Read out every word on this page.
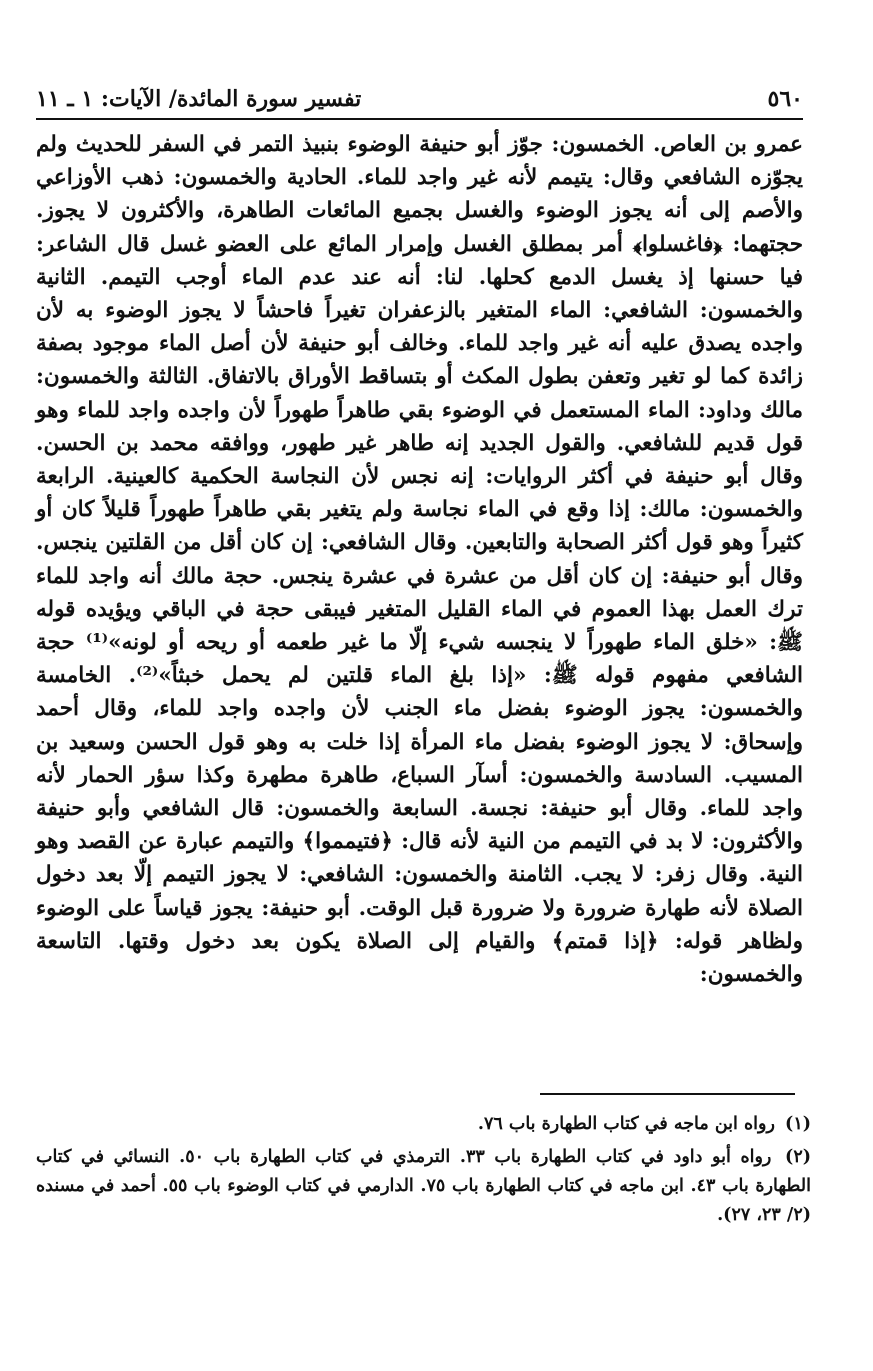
٥٦٠
تفسير سورة المائدة/ الآيات: ١ ـ ١١

عمرو بن العاص. الخمسون: جوّز أبو حنيفة الوضوء بنبيذ التمر في السفر للحديث ولم يجوّزه الشافعي وقال: يتيمم لأنه غير واجد للماء. الحادية والخمسون: ذهب الأوزاعي والأصم إلى أنه يجوز الوضوء والغسل بجميع المائعات الطاهرة، والأكثرون لا يجوز. حجتهما: ﴿فاغسلوا﴾ أمر بمطلق الغسل وإمرار المائع على العضو غسل قال الشاعر: فيا حسنها إذ يغسل الدمع كحلها. لنا: أنه عند عدم الماء أوجب التيمم. الثانية والخمسون: الشافعي: الماء المتغير بالزعفران تغيراً فاحشاً لا يجوز الوضوء به لأن واجده يصدق عليه أنه غير واجد للماء. وخالف أبو حنيفة لأن أصل الماء موجود بصفة زائدة كما لو تغير وتعفن بطول المكث أو بتساقط الأوراق بالاتفاق. الثالثة والخمسون: مالك وداود: الماء المستعمل في الوضوء بقي طاهراً طهوراً لأن واجده واجد للماء وهو قول قديم للشافعي. والقول الجديد إنه طاهر غير طهور، ووافقه محمد بن الحسن. وقال أبو حنيفة في أكثر الروايات: إنه نجس لأن النجاسة الحكمية كالعينية. الرابعة والخمسون: مالك: إذا وقع في الماء نجاسة ولم يتغير بقي طاهراً طهوراً قليلاً كان أو كثيراً وهو قول أكثر الصحابة والتابعين. وقال الشافعي: إن كان أقل من القلتين ينجس. وقال أبو حنيفة: إن كان أقل من عشرة في عشرة ينجس. حجة مالك أنه واجد للماء ترك العمل بهذا العموم في الماء القليل المتغير فيبقى حجة في الباقي ويؤيده قوله ﷺ: «خلق الماء طهوراً لا ينجسه شيء إلّا ما غير طعمه أو ريحه أو لونه»⁽¹⁾ حجة الشافعي مفهوم قوله ﷺ: «إذا بلغ الماء قلتين لم يحمل خبثاً»⁽²⁾. الخامسة والخمسون: يجوز الوضوء بفضل ماء الجنب لأن واجده واجد للماء، وقال أحمد وإسحاق: لا يجوز الوضوء بفضل ماء المرأة إذا خلت به وهو قول الحسن وسعيد بن المسيب. السادسة والخمسون: أسآر السباع، طاهرة مطهرة وكذا سؤر الحمار لأنه واجد للماء. وقال أبو حنيفة: نجسة. السابعة والخمسون: قال الشافعي وأبو حنيفة والأكثرون: لا بد في التيمم من النية لأنه قال: ﴿فتيمموا﴾ والتيمم عبارة عن القصد وهو النية. وقال زفر: لا يجب. الثامنة والخمسون: الشافعي: لا يجوز التيمم إلّا بعد دخول الصلاة لأنه طهارة ضرورة ولا ضرورة قبل الوقت. أبو حنيفة: يجوز قياساً على الوضوء ولظاهر قوله: ﴿إذا قمتم﴾ والقيام إلى الصلاة يكون بعد دخول وقتها. التاسعة والخمسون:

(١) رواه ابن ماجه في كتاب الطهارة باب ٧٦.

(٢) رواه أبو داود في كتاب الطهارة باب ٣٣. الترمذي في كتاب الطهارة باب ٥٠. النسائي في كتاب الطهارة باب ٤٣. ابن ماجه في كتاب الطهارة باب ٧٥. الدارمي في كتاب الوضوء باب ٥٥. أحمد في مسنده (٢/ ٢٣، ٢٧).
